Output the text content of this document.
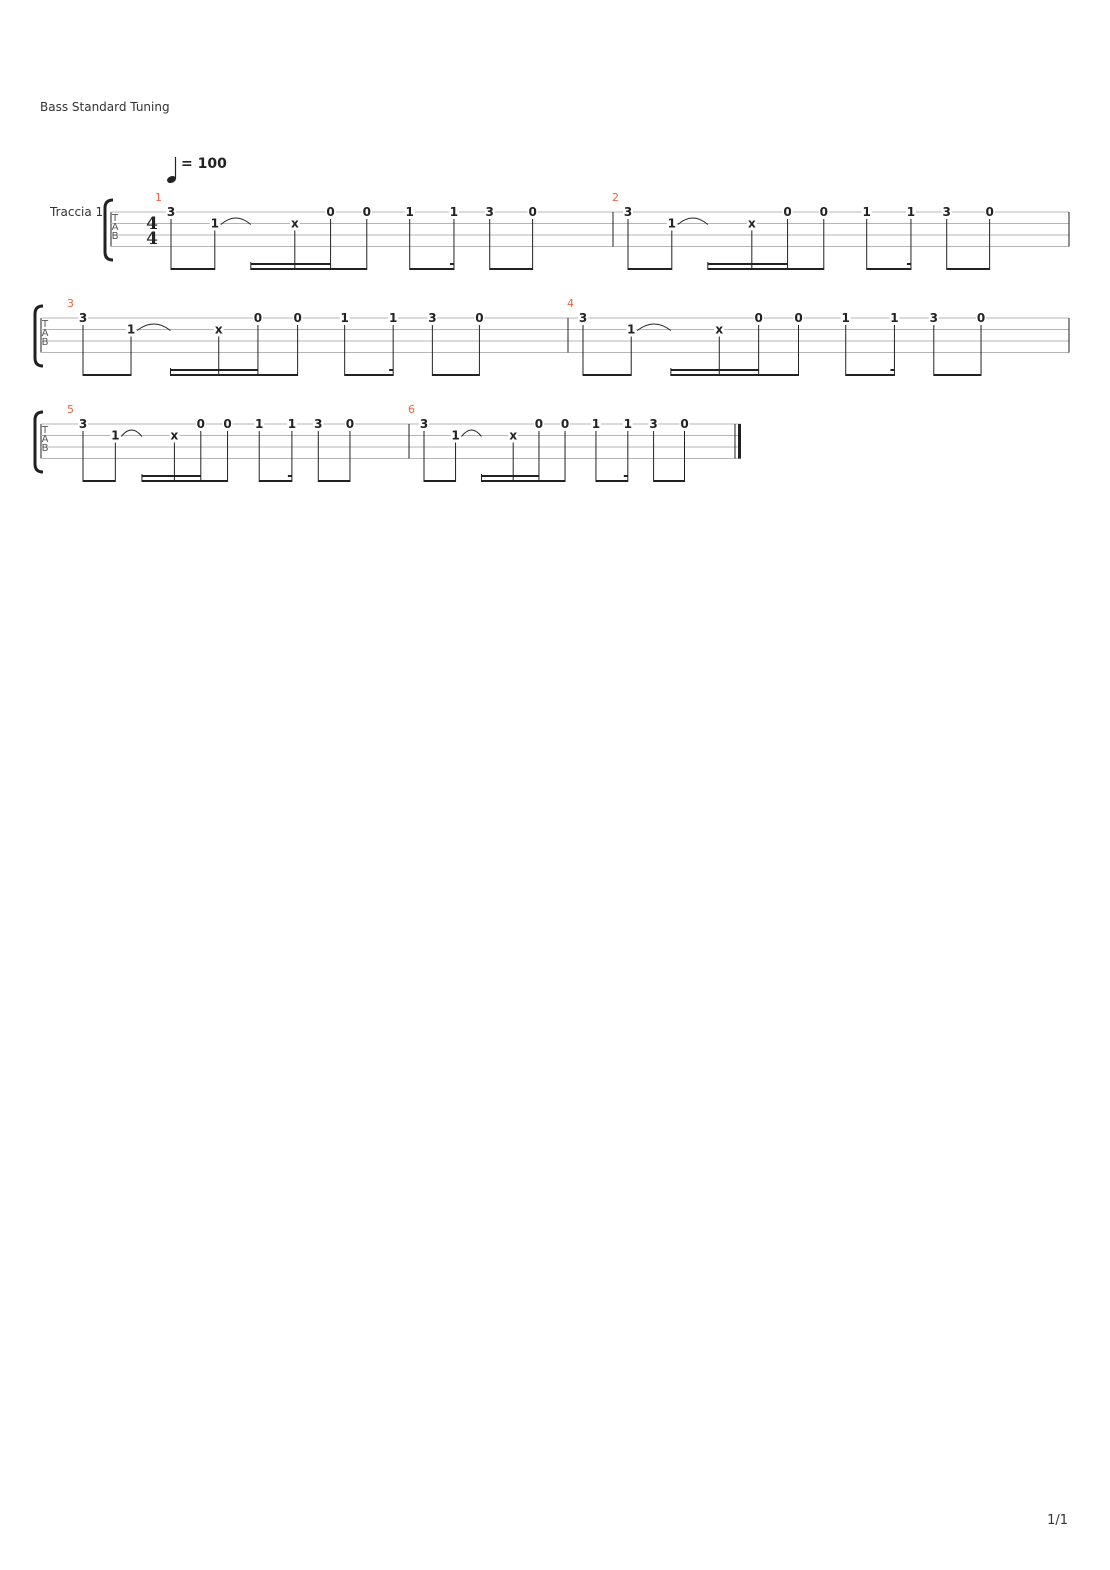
Bass Standard Tuning
= 100
Traccia 1 T
A
B
4
4
1
3
1	x
0 0	1	1 3	0
2
3
1	x
0 0	1	1 3	0
T
A
B
3
3
1	x
0	0	1	1	3	0
4
3
1	x
0	0	1	1	3	0
T
A
B
5
3
1	x
0 0 1 1 3 0
6
3
1	x
0 0 1 1 3 0
1/1
